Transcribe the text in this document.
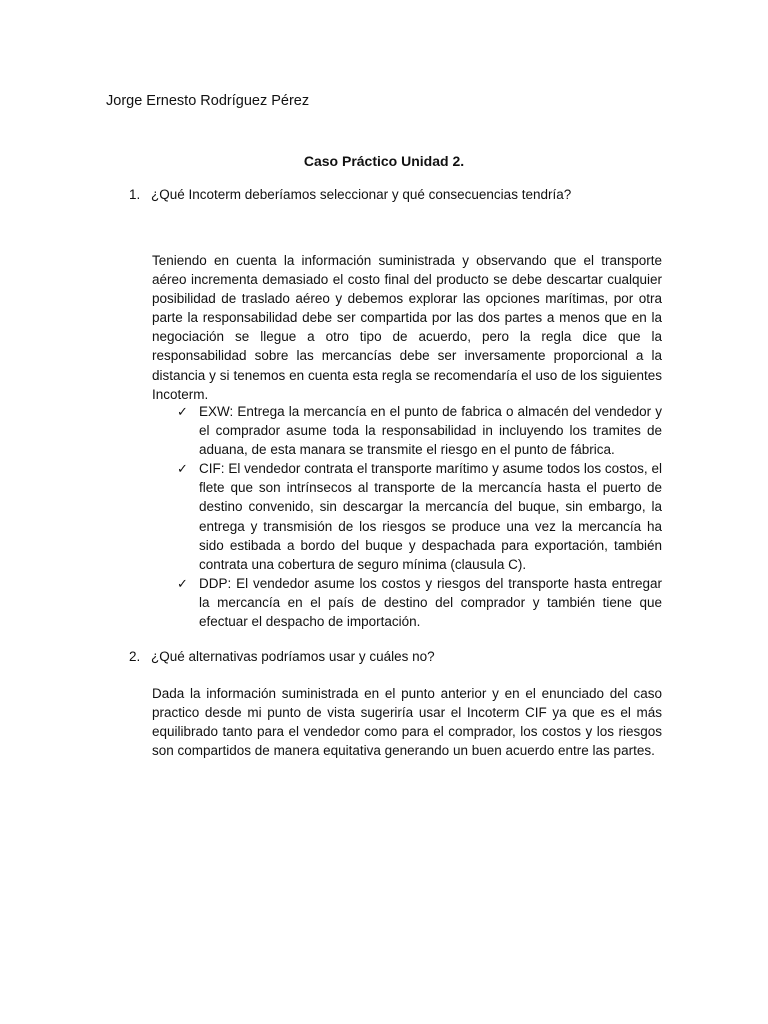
Jorge Ernesto Rodríguez Pérez
Caso Práctico Unidad 2.
1. ¿Qué Incoterm deberíamos seleccionar y qué consecuencias tendría?
Teniendo en cuenta la información suministrada y observando que el transporte aéreo incrementa demasiado el costo final del producto se debe descartar cualquier posibilidad de traslado aéreo y debemos explorar las opciones marítimas, por otra parte la responsabilidad debe ser compartida por las dos partes a menos que en la negociación se llegue a otro tipo de acuerdo, pero la regla dice que la responsabilidad sobre las mercancías debe ser inversamente proporcional a la distancia y si tenemos en cuenta esta regla se recomendaría el uso de los siguientes Incoterm.
✓ EXW: Entrega la mercancía en el punto de fabrica o almacén del vendedor y el comprador asume toda la responsabilidad in incluyendo los tramites de aduana, de esta manara se transmite el riesgo en el punto de fábrica.
✓ CIF: El vendedor contrata el transporte marítimo y asume todos los costos, el flete que son intrínsecos al transporte de la mercancía hasta el puerto de destino convenido, sin descargar la mercancía del buque, sin embargo, la entrega y transmisión de los riesgos se produce una vez la mercancía ha sido estibada a bordo del buque y despachada para exportación, también contrata una cobertura de seguro mínima (clausula C).
✓ DDP: El vendedor asume los costos y riesgos del transporte hasta entregar la mercancía en el país de destino del comprador y también tiene que efectuar el despacho de importación.
2. ¿Qué alternativas podríamos usar y cuáles no?
Dada la información suministrada en el punto anterior y en el enunciado del caso practico desde mi punto de vista sugeriría usar el Incoterm CIF ya que es el más equilibrado tanto para el vendedor como para el comprador, los costos y los riesgos son compartidos de manera equitativa generando un buen acuerdo entre las partes.
